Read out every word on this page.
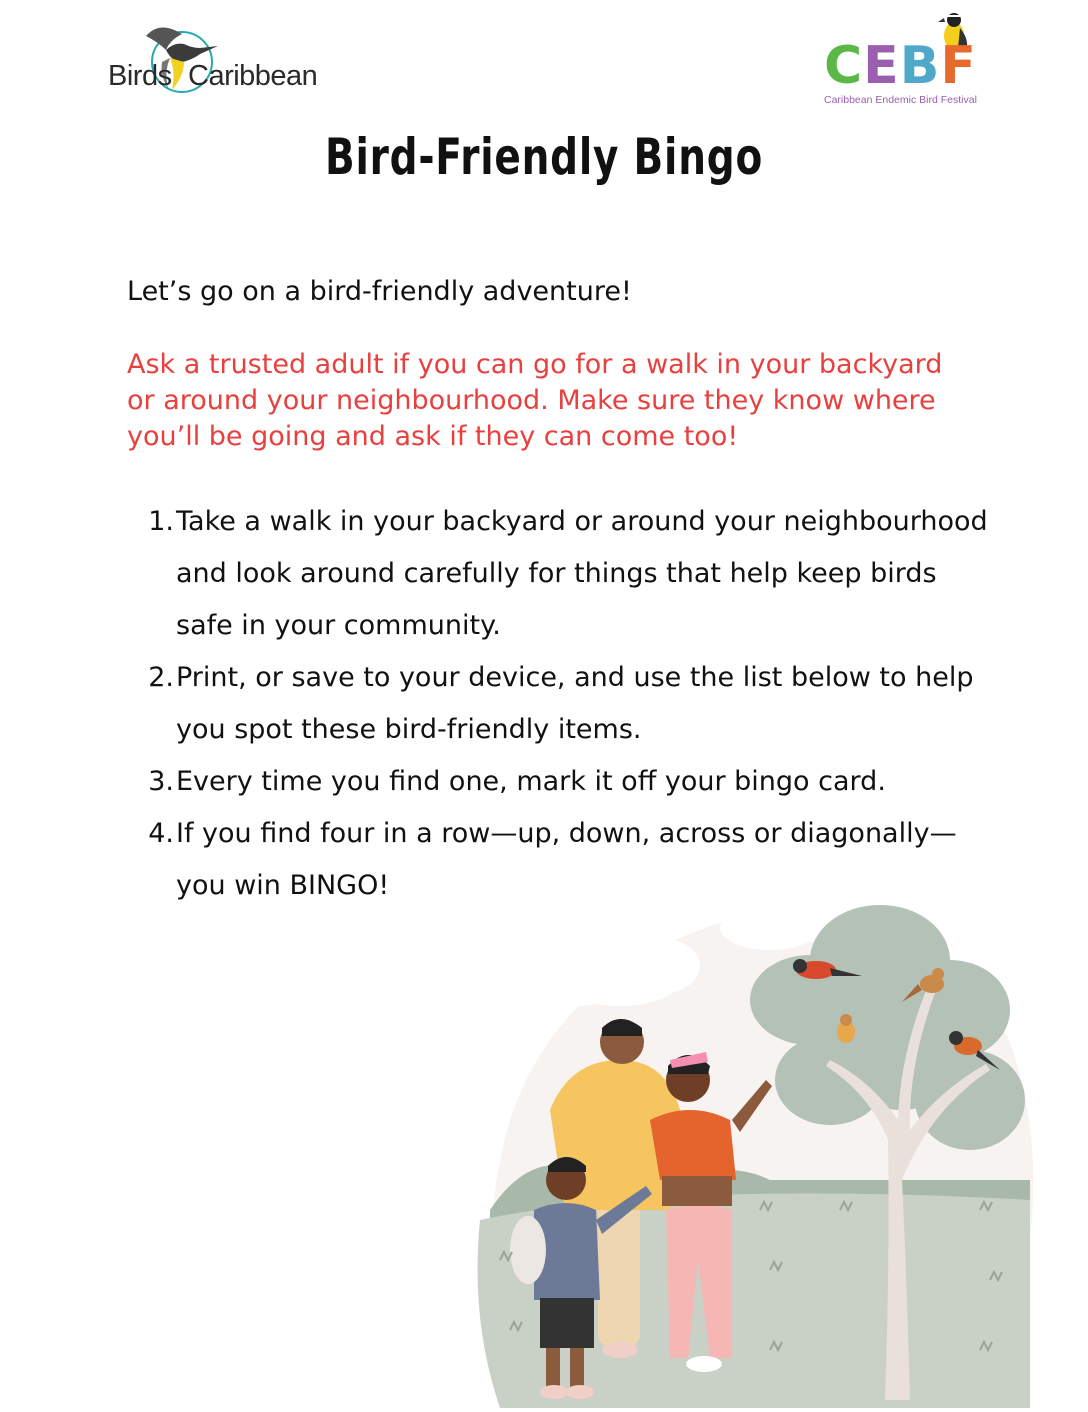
Birds Caribbean	CEBF
Caribbean Endemic Bird Festival
Bird-Friendly Bingo
Let’s go on a bird-friendly adventure!
Ask a trusted adult if you can go for a walk in your backyard
or around your neighbourhood. Make sure they know where
you’ll be going and ask if they can come too!
1. Take a walk in your backyard or around your neighbourhood
and look around carefully for things that help keep birds
safe in your community.
2. Print, or save to your device, and use the list below to help
you spot these bird-friendly items.
3. Every time you find one, mark it off your bingo card.
4. If you find four in a row—up, down, across or diagonally—
you win BINGO!
